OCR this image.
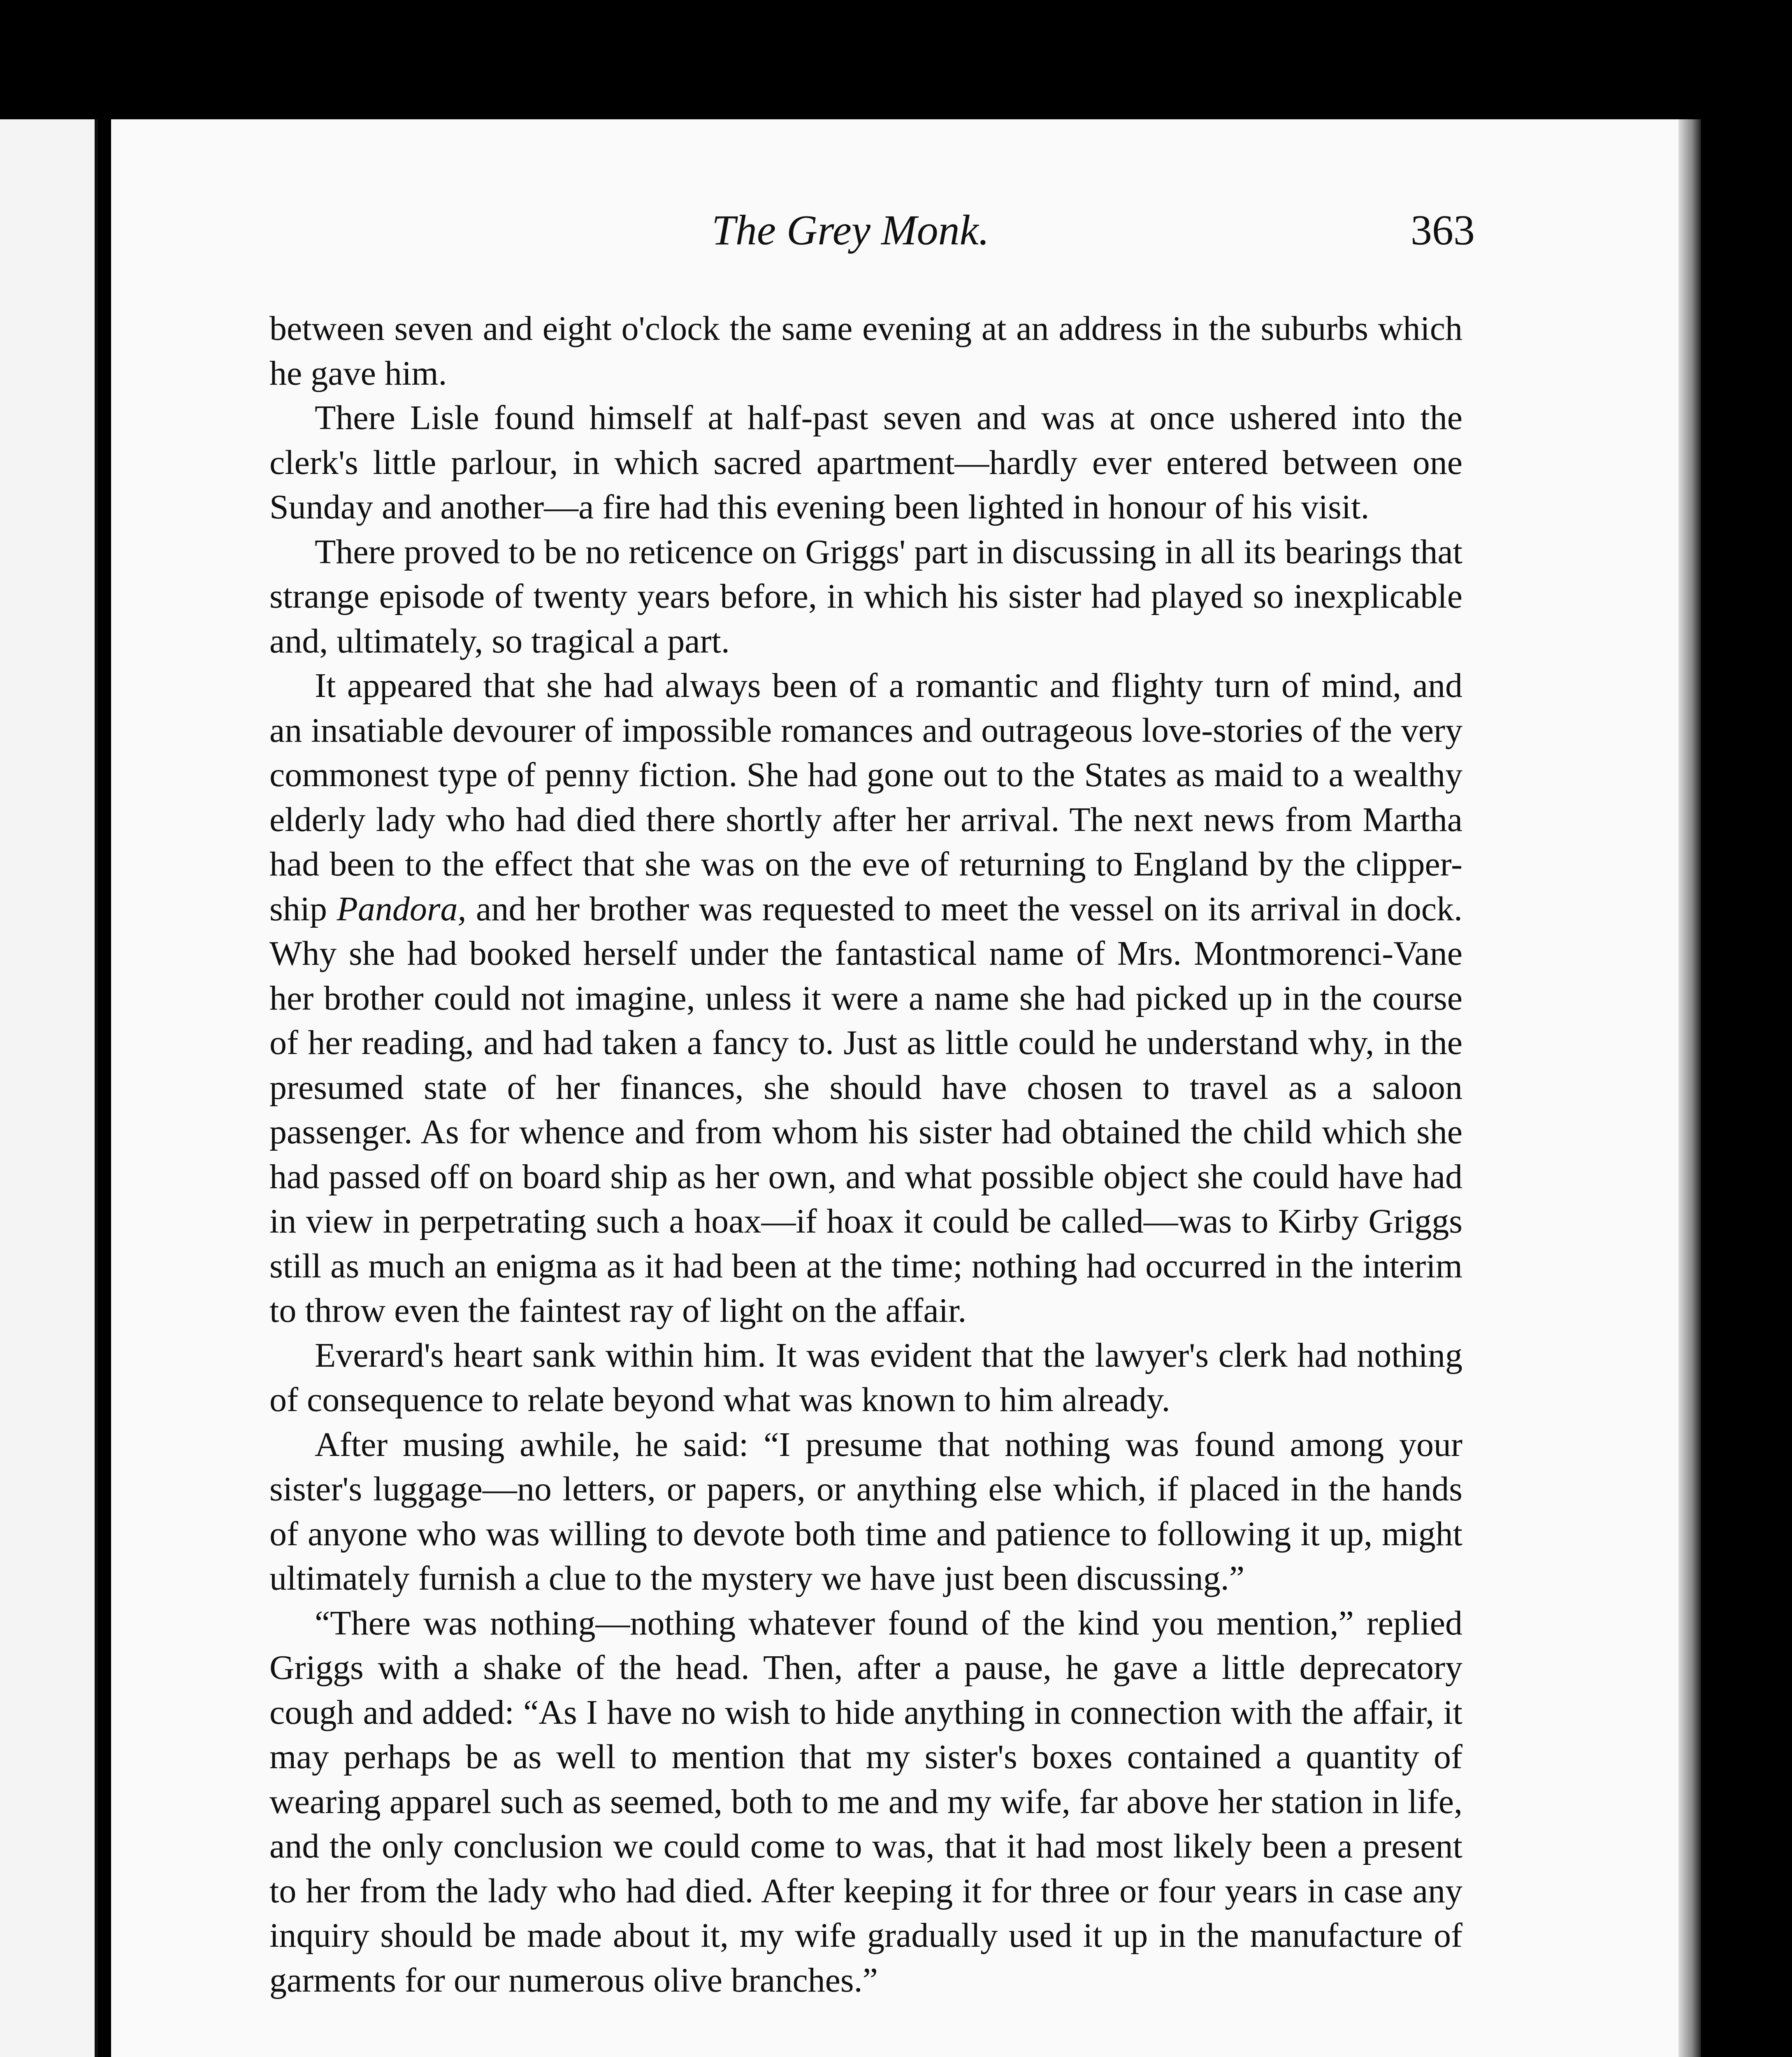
The Grey Monk.	363

between seven and eight o'clock the same evening at an address in the suburbs which he gave him.

There Lisle found himself at half-past seven and was at once ushered into the clerk's little parlour, in which sacred apartment—hardly ever entered between one Sunday and another—a fire had this evening been lighted in honour of his visit.

There proved to be no reticence on Griggs' part in discussing in all its bearings that strange episode of twenty years before, in which his sister had played so inexplicable and, ultimately, so tragical a part.

It appeared that she had always been of a romantic and flighty turn of mind, and an insatiable devourer of impossible romances and outrageous love-stories of the very commonest type of penny fiction. She had gone out to the States as maid to a wealthy elderly lady who had died there shortly after her arrival. The next news from Martha had been to the effect that she was on the eve of returning to England by the clipper-ship Pandora, and her brother was requested to meet the vessel on its arrival in dock. Why she had booked herself under the fantastical name of Mrs. Montmorenci-Vane her brother could not imagine, unless it were a name she had picked up in the course of her reading, and had taken a fancy to. Just as little could he understand why, in the presumed state of her finances, she should have chosen to travel as a saloon passenger. As for whence and from whom his sister had obtained the child which she had passed off on board ship as her own, and what possible object she could have had in view in perpetrating such a hoax—if hoax it could be called—was to Kirby Griggs still as much an enigma as it had been at the time; nothing had occurred in the interim to throw even the faintest ray of light on the affair.

Everard's heart sank within him. It was evident that the lawyer's clerk had nothing of consequence to relate beyond what was known to him already.

After musing awhile, he said: “I presume that nothing was found among your sister's luggage—no letters, or papers, or anything else which, if placed in the hands of anyone who was willing to devote both time and patience to following it up, might ultimately furnish a clue to the mystery we have just been discussing.”

“There was nothing—nothing whatever found of the kind you mention,” replied Griggs with a shake of the head. Then, after a pause, he gave a little deprecatory cough and added: “As I have no wish to hide anything in connection with the affair, it may perhaps be as well to mention that my sister's boxes contained a quantity of wearing apparel such as seemed, both to me and my wife, far above her station in life, and the only conclusion we could come to was, that it had most likely been a present to her from the lady who had died. After keeping it for three or four years in case any inquiry should be made about it, my wife gradually used it up in the manufacture of garments for our numerous olive branches.”
